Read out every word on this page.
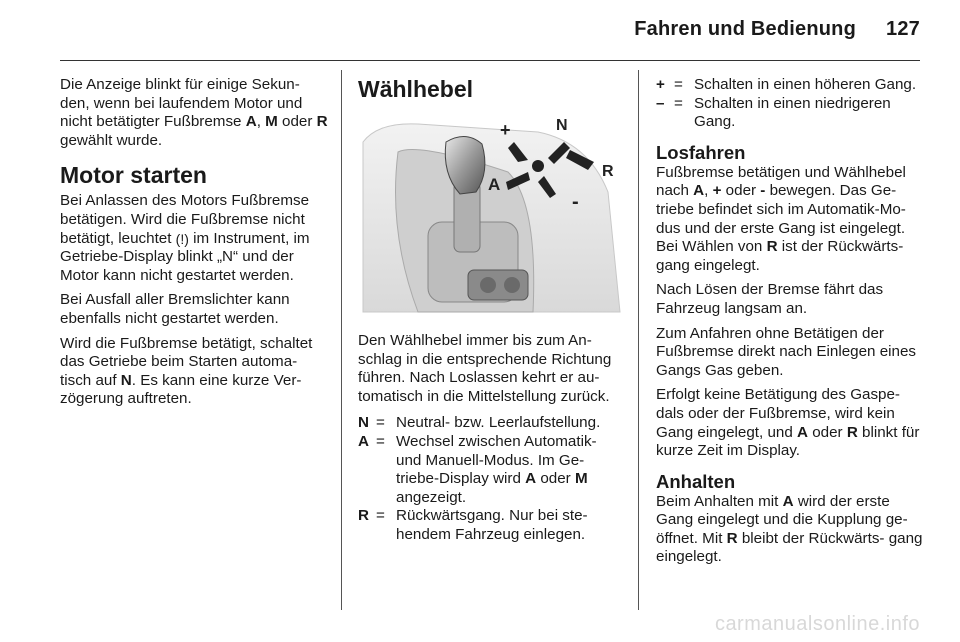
Fahren und Bedienung 127

Die Anzeige blinkt für einige Sekun- den, wenn bei laufendem Motor und nicht betätigter Fußbremse A, M oder R gewählt wurde.

Motor starten

Bei Anlassen des Motors Fußbremse betätigen. Wird die Fußbremse nicht betätigt, leuchtet (!) im Instrument, im Getriebe-Display blinkt „N“ und der Motor kann nicht gestartet werden.

Bei Ausfall aller Bremslichter kann ebenfalls nicht gestartet werden.

Wird die Fußbremse betätigt, schaltet das Getriebe beim Starten automa- tisch auf N. Es kann eine kurze Ver- zögerung auftreten.

Wählhebel
+	N
R
A
-

Den Wählhebel immer bis zum An- schlag in die entsprechende Richtung führen. Nach Loslassen kehrt er au- tomatisch in die Mittelstellung zurück.

N = Neutral- bzw. Leerlaufstellung.
A = Wechsel zwischen Automatik- und Manuell-Modus. Im Ge- triebe-Display wird A oder M angezeigt.
R = Rückwärtsgang. Nur bei ste- hendem Fahrzeug einlegen.
+ = Schalten in einen höheren Gang.
– = Schalten in einen niedrigeren Gang.
Losfahren

Fußbremse betätigen und Wählhebel nach A, + oder - bewegen. Das Ge- triebe befindet sich im Automatik-Mo- dus und der erste Gang ist eingelegt. Bei Wählen von R ist der Rückwärts- gang eingelegt.

Nach Lösen der Bremse fährt das Fahrzeug langsam an.

Zum Anfahren ohne Betätigen der Fußbremse direkt nach Einlegen eines Gangs Gas geben.

Erfolgt keine Betätigung des Gaspe- dals oder der Fußbremse, wird kein Gang eingelegt, und A oder R blinkt für kurze Zeit im Display.

Anhalten

Beim Anhalten mit A wird der erste Gang eingelegt und die Kupplung ge- öffnet. Mit R bleibt der Rückwärts- gang eingelegt.

carmanualsonline.info
